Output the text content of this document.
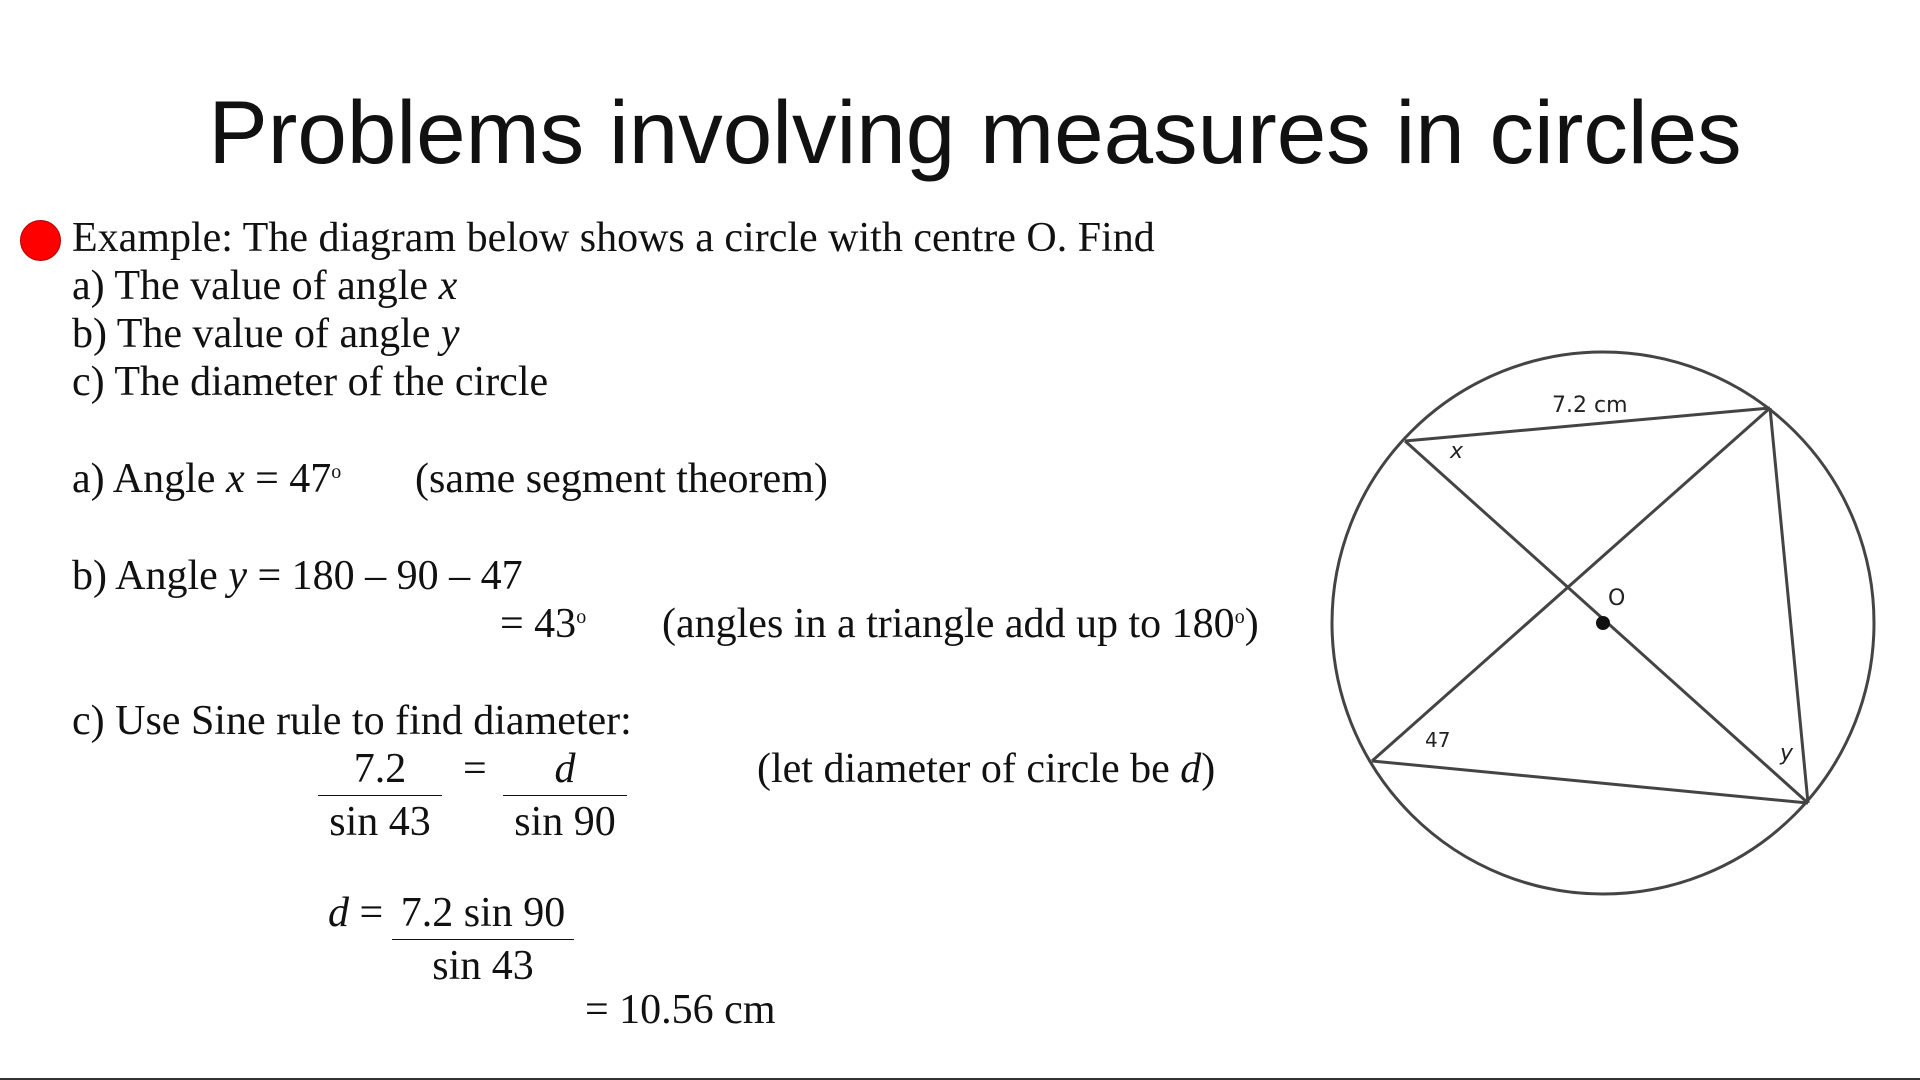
Problems involving measures in circles
Example: The diagram below shows a circle with centre O. Find
a) The value of angle x
b) The value of angle y
c) The diameter of the circle
a) Angle $x = 47^o$ (same segment theorem)
b) Angle y = 180 – 90 – 47
= $43^o$ (angles in a triangle add up to 180$^o$)
c) Use Sine rule to find diameter:
$\frac{7.2}{\sin 43} = \frac{d}{\sin 90}$	(let diameter of circle be d)
$d = \frac{7.2 \sin 90}{\sin 43}$
= 10.56 cm
7.2 cm
x
O
47
y
